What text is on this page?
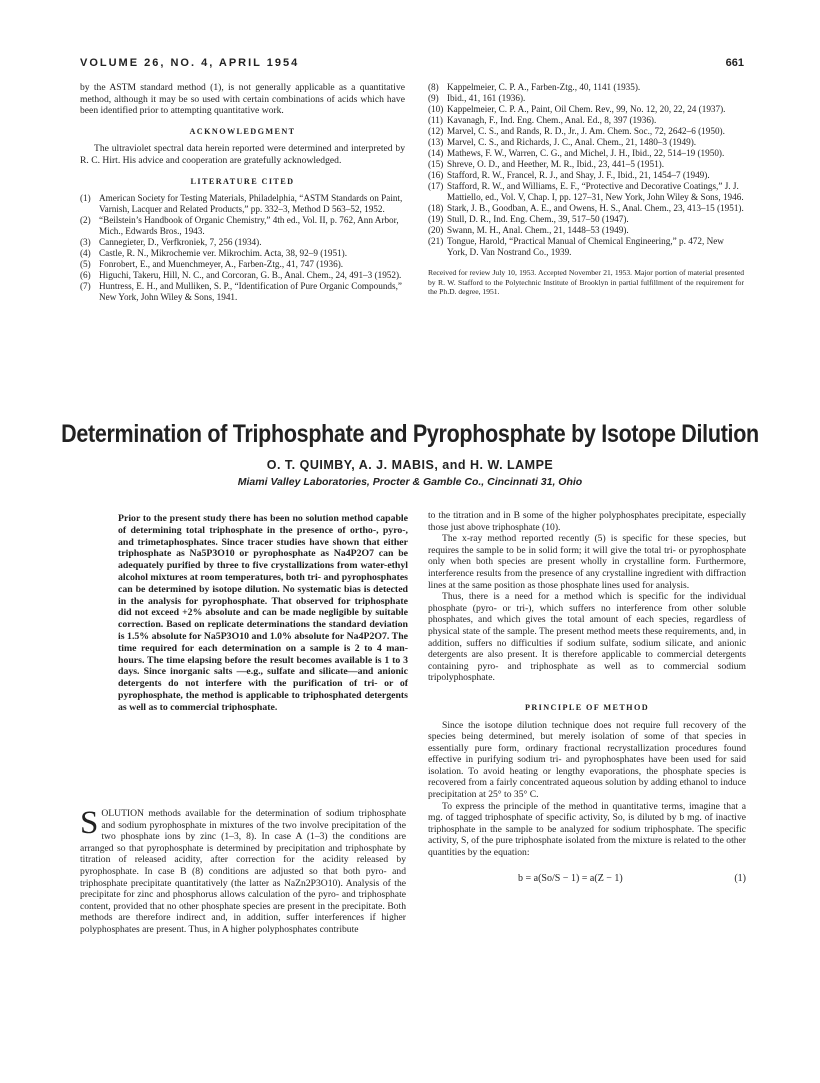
VOLUME 26, NO. 4, APRIL 1954	661

by the ASTM standard method (1), is not generally applicable as a quantitative method, although it may be so used with certain combinations of acids which have been identified prior to attempting quantitative work.

ACKNOWLEDGMENT

The ultraviolet spectral data herein reported were determined and interpreted by R. C. Hirt. His advice and cooperation are gratefully acknowledged.

LITERATURE CITED
(1) American Society for Testing Materials, Philadelphia, “ASTM Standards on Paint, Varnish, Lacquer and Related Products,” pp. 332–3, Method D 563–52, 1952.
(2) “Beilstein’s Handbook of Organic Chemistry,” 4th ed., Vol. II, p. 762, Ann Arbor, Mich., Edwards Bros., 1943.
(3) Cannegieter, D., Verfkroniek, 7, 256 (1934).
(4) Castle, R. N., Mikrochemie ver. Mikrochim. Acta, 38, 92–9 (1951).
(5) Fonrobert, E., and Muenchmeyer, A., Farben-Ztg., 41, 747 (1936).
(6) Higuchi, Takeru, Hill, N. C., and Corcoran, G. B., Anal. Chem., 24, 491–3 (1952).
(7) Huntress, E. H., and Mulliken, S. P., “Identification of Pure Organic Compounds,” New York, John Wiley & Sons, 1941.
(8) Kappelmeier, C. P. A., Farben-Ztg., 40, 1141 (1935).
(9) Ibid., 41, 161 (1936).
(10) Kappelmeier, C. P. A., Paint, Oil Chem. Rev., 99, No. 12, 20, 22, 24 (1937).
(11) Kavanagh, F., Ind. Eng. Chem., Anal. Ed., 8, 397 (1936).
(12) Marvel, C. S., and Rands, R. D., Jr., J. Am. Chem. Soc., 72, 2642–6 (1950).
(13) Marvel, C. S., and Richards, J. C., Anal. Chem., 21, 1480–3 (1949).
(14) Mathews, F. W., Warren, C. G., and Michel, J. H., Ibid., 22, 514–19 (1950).
(15) Shreve, O. D., and Heether, M. R., Ibid., 23, 441–5 (1951).
(16) Stafford, R. W., Francel, R. J., and Shay, J. F., Ibid., 21, 1454–7 (1949).
(17) Stafford, R. W., and Williams, E. F., “Protective and Decorative Coatings,” J. J. Mattiello, ed., Vol. V, Chap. I, pp. 127–31, New York, John Wiley & Sons, 1946.
(18) Stark, J. B., Goodban, A. E., and Owens, H. S., Anal. Chem., 23, 413–15 (1951).
(19) Stull, D. R., Ind. Eng. Chem., 39, 517–50 (1947).
(20) Swann, M. H., Anal. Chem., 21, 1448–53 (1949).
(21) Tongue, Harold, “Practical Manual of Chemical Engineering,” p. 472, New York, D. Van Nostrand Co., 1939.

Received for review July 10, 1953. Accepted November 21, 1953. Major portion of material presented by R. W. Stafford to the Polytechnic Institute of Brooklyn in partial fulfillment of the requirement for the Ph.D. degree, 1951.

Determination of Triphosphate and Pyrophosphate by Isotope Dilution
O. T. QUIMBY, A. J. MABIS, and H. W. LAMPE
Miami Valley Laboratories, Procter & Gamble Co., Cincinnati 31, Ohio
Prior to the present study there has been no solution method capable of determining total triphosphate in the presence of ortho-, pyro-, and trimetaphosphates. Since tracer studies have shown that either triphosphate as Na5P3O10 or pyrophosphate as Na4P2O7 can be adequately purified by three to five crystallizations from water-ethyl alcohol mixtures at room temperatures, both tri- and pyrophosphates can be determined by isotope dilution. No systematic bias is detected in the analysis for pyrophosphate. That observed for triphosphate did not exceed +2% absolute and can be made negligible by suitable correction. Based on replicate determinations the standard deviation is 1.5% absolute for Na5P3O10 and 1.0% absolute for Na4P2O7. The time required for each determination on a sample is 2 to 4 man-hours. The time elapsing before the result becomes available is 1 to 3 days. Since inorganic salts —e.g., sulfate and silicate—and anionic detergents do not interfere with the purification of tri- or of pyrophosphate, the method is applicable to triphosphated detergents as well as to commercial triphosphate.

SOLUTION methods available for the determination of sodium triphosphate and sodium pyrophosphate in mixtures of the two involve precipitation of the two phosphate ions by zinc (1–3, 8). In case A (1–3) the conditions are arranged so that pyrophosphate is determined by precipitation and triphosphate by titration of released acidity, after correction for the acidity released by pyrophosphate. In case B (8) conditions are adjusted so that both pyro- and triphosphate precipitate quantitatively (the latter as NaZn2P3O10). Analysis of the precipitate for zinc and phosphorus allows calculation of the pyro- and triphosphate content, provided that no other phosphate species are present in the precipitate. Both methods are therefore indirect and, in addition, suffer interferences if higher polyphosphates are present. Thus, in A higher polyphosphates contribute

to the titration and in B some of the higher polyphosphates precipitate, especially those just above triphosphate (10).

The x-ray method reported recently (5) is specific for these species, but requires the sample to be in solid form; it will give the total tri- or pyrophosphate only when both species are present wholly in crystalline form. Furthermore, interference results from the presence of any crystalline ingredient with diffraction lines at the same position as those phosphate lines used for analysis.

Thus, there is a need for a method which is specific for the individual phosphate (pyro- or tri-), which suffers no interference from other soluble phosphates, and which gives the total amount of each species, regardless of physical state of the sample. The present method meets these requirements, and, in addition, suffers no difficulties if sodium sulfate, sodium silicate, and anionic detergents are also present. It is therefore applicable to commercial detergents containing pyro- and triphosphate as well as to commercial sodium tripolyphosphate.

PRINCIPLE OF METHOD

Since the isotope dilution technique does not require full recovery of the species being determined, but merely isolation of some of that species in essentially pure form, ordinary fractional recrystallization procedures found effective in purifying sodium tri- and pyrophosphates have been used for said isolation. To avoid heating or lengthy evaporations, the phosphate species is recovered from a fairly concentrated aqueous solution by adding ethanol to induce precipitation at 25° to 35° C.

To express the principle of the method in quantitative terms, imagine that a mg. of tagged triphosphate of specific activity, So, is diluted by b mg. of inactive triphosphate in the sample to be analyzed for sodium triphosphate. The specific activity, S, of the pure triphosphate isolated from the mixture is related to the other quantities by the equation:

b = a(So/S − 1) = a(Z − 1)	(1)
